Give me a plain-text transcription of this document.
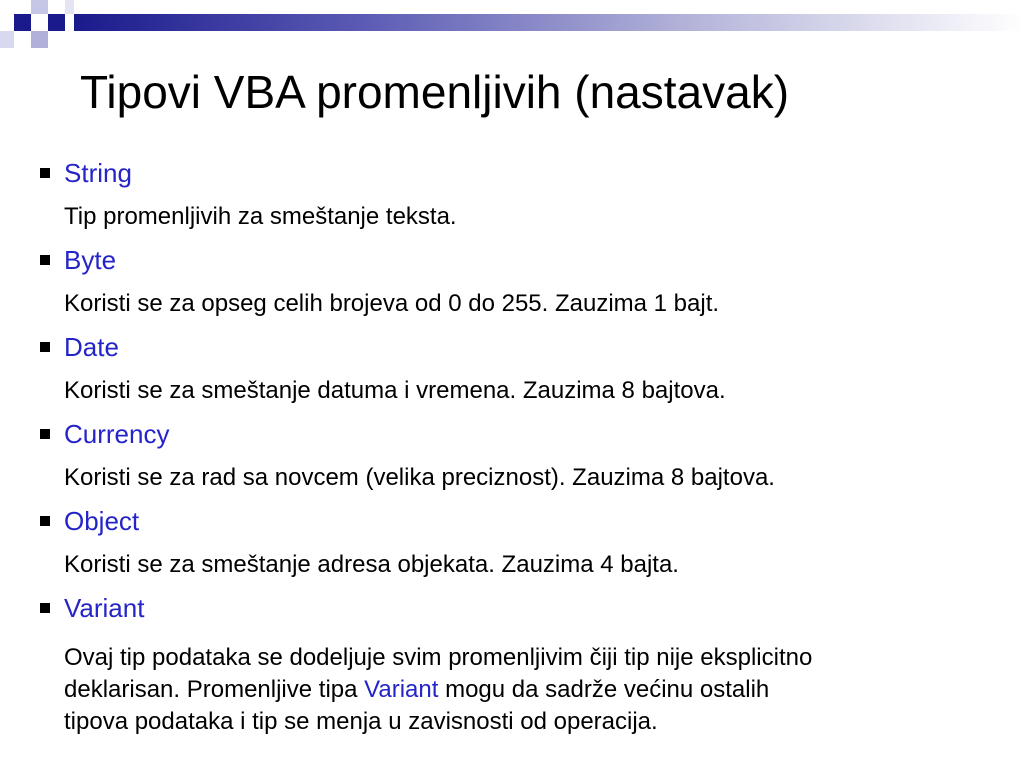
Tipovi VBA promenljivih (nastavak)
String
Tip promenljivih za smeštanje teksta.
Byte
Koristi se za opseg celih brojeva od 0 do 255. Zauzima 1 bajt.
Date
Koristi se za smeštanje datuma i vremena. Zauzima 8 bajtova.
Currency
Koristi se za rad sa novcem (velika preciznost). Zauzima 8 bajtova.
Object
Koristi se za smeštanje adresa objekata. Zauzima 4 bajta.
Variant
Ovaj tip podataka se dodeljuje svim promenljivim čiji tip nije eksplicitno
deklarisan. Promenljive tipa Variant mogu da sadrže većinu ostalih
tipova podataka i tip se menja u zavisnosti od operacija.
